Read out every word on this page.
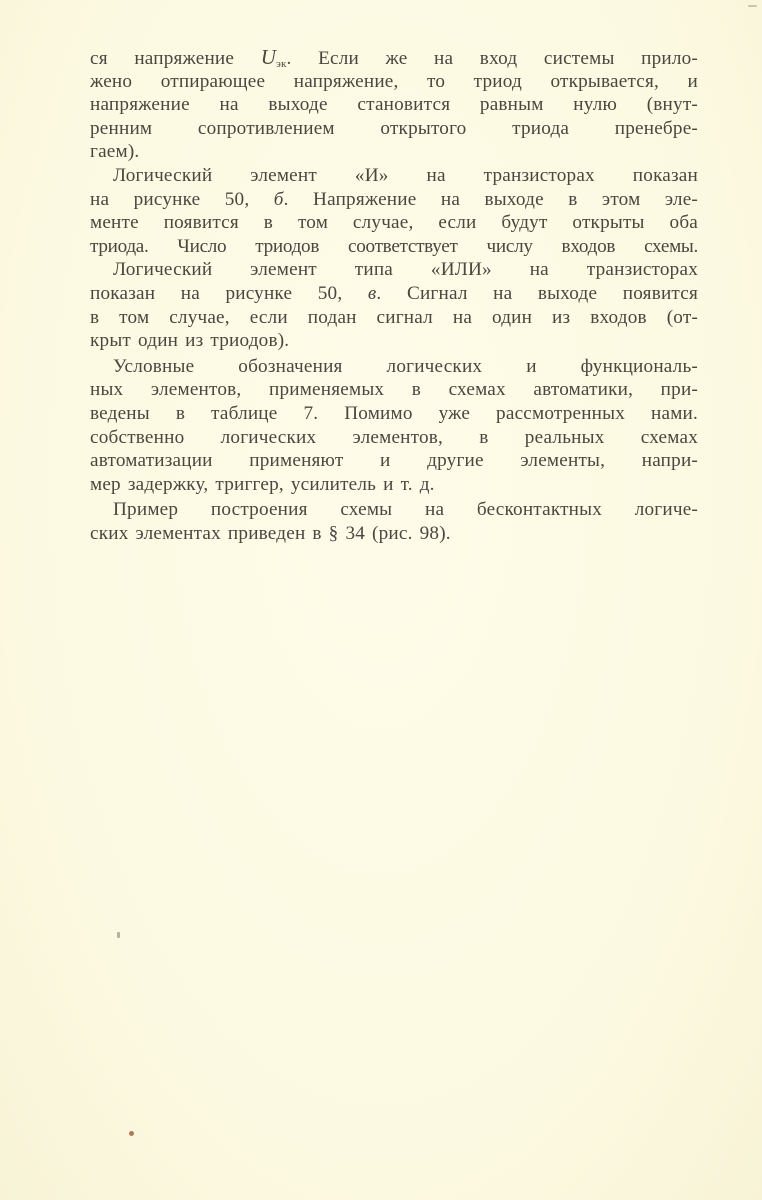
ся напряжение $U_{эк}$. Если же на вход системы прило-
жено отпирающее напряжение, то триод открывается, и
напряжение на выходе становится равным нулю (внут-
ренним сопротивлением открытого триода пренебре-
гаем).
Логический элемент «И» на транзисторах показан
на рисунке 50, б. Напряжение на выходе в этом эле-
менте появится в том случае, если будут открыты оба
триода. Число триодов соответствует числу входов схемы.
Логический элемент типа «ИЛИ» на транзисторах
показан на рисунке 50, в. Сигнал на выходе появится
в том случае, если подан сигнал на один из входов (от-
крыт один из триодов).
Условные обозначения логических и функциональ-
ных элементов, применяемых в схемах автоматики, при-
ведены в таблице 7. Помимо уже рассмотренных нами.
собственно логических элементов, в реальных схемах
автоматизации применяют и другие элементы, напри-
мер задержку, триггер, усилитель и т. д.
Пример построения схемы на бесконтактных логиче-
ских элементах приведен в § 34 (рис. 98).
